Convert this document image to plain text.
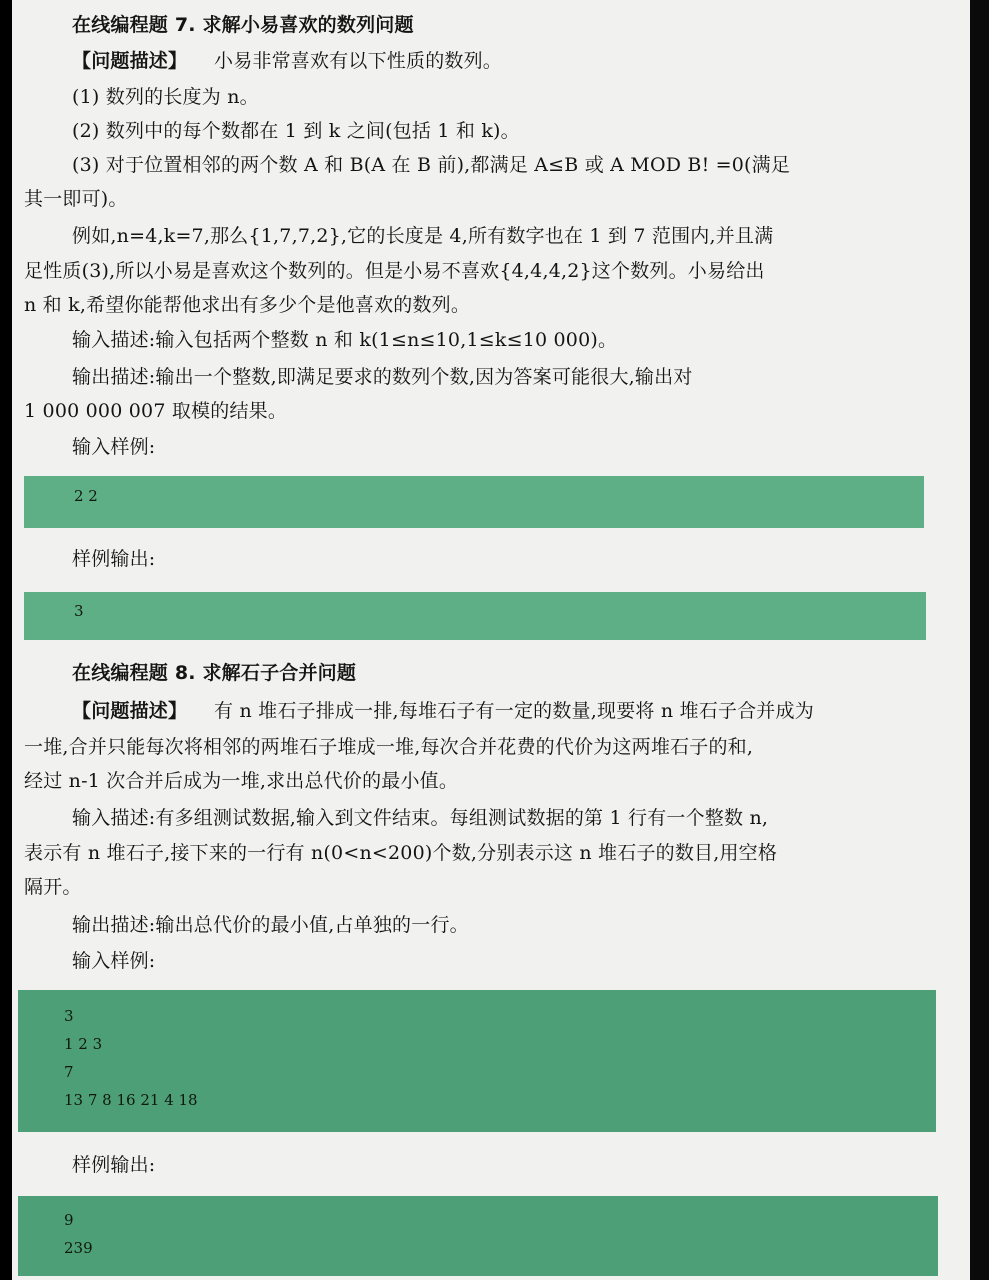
在线编程题 7. 求解小易喜欢的数列问题
【问题描述】 小易非常喜欢有以下性质的数列。
(1) 数列的长度为 n。
(2) 数列中的每个数都在 1 到 k 之间(包括 1 和 k)。
(3) 对于位置相邻的两个数 A 和 B(A 在 B 前),都满足 A≤B 或 A MOD B! =0(满足
其一即可)。
例如,n=4,k=7,那么{1,7,7,2},它的长度是 4,所有数字也在 1 到 7 范围内,并且满
足性质(3),所以小易是喜欢这个数列的。但是小易不喜欢{4,4,4,2}这个数列。小易给出
n 和 k,希望你能帮他求出有多少个是他喜欢的数列。
输入描述:输入包括两个整数 n 和 k(1≤n≤10,1≤k≤10 000)。
输出描述:输出一个整数,即满足要求的数列个数,因为答案可能很大,输出对
1 000 000 007 取模的结果。
输入样例:
2 2
样例输出:
3
在线编程题 8. 求解石子合并问题
【问题描述】 有 n 堆石子排成一排,每堆石子有一定的数量,现要将 n 堆石子合并成为
一堆,合并只能每次将相邻的两堆石子堆成一堆,每次合并花费的代价为这两堆石子的和,
经过 n-1 次合并后成为一堆,求出总代价的最小值。
输入描述:有多组测试数据,输入到文件结束。每组测试数据的第 1 行有一个整数 n,
表示有 n 堆石子,接下来的一行有 n(0<n<200)个数,分别表示这 n 堆石子的数目,用空格
隔开。
输出描述:输出总代价的最小值,占单独的一行。
输入样例:
3
1 2 3
7
13 7 8 16 21 4 18
样例输出:
9
239
